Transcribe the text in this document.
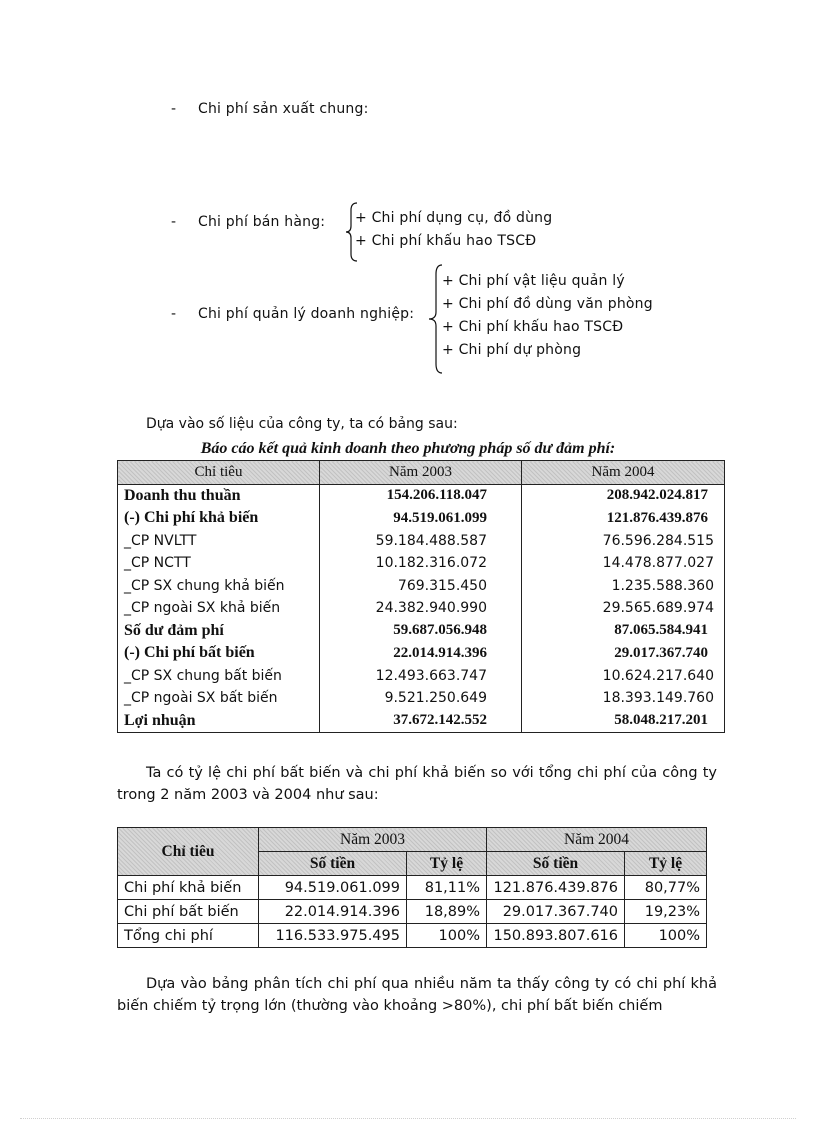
- Chi phí sản xuất chung:
- Chi phí bán hàng: + Chi phí dụng cụ, đồ dùng
+ Chi phí khấu hao TSCĐ
- Chi phí quản lý doanh nghiệp:
+ Chi phí vật liệu quản lý
+ Chi phí đồ dùng văn phòng
+ Chi phí khấu hao TSCĐ
+ Chi phí dự phòng
Dựa vào số liệu của công ty, ta có bảng sau:
Báo cáo kết quả kinh doanh theo phương pháp số dư đảm phí:
Chỉ tiêu	Năm 2003	Năm 2004
Doanh thu thuần	154.206.118.047	208.942.024.817
(-) Chi phí khả biến	94.519.061.099	121.876.439.876
_CP NVLTT	59.184.488.587	76.596.284.515
_CP NCTT	10.182.316.072	14.478.877.027
_CP SX chung khả biến	769.315.450	1.235.588.360
_CP ngoài SX khả biến	24.382.940.990	29.565.689.974
Số dư đảm phí	59.687.056.948	87.065.584.941
(-) Chi phí bất biến	22.014.914.396	29.017.367.740
_CP SX chung bất biến	12.493.663.747	10.624.217.640
_CP ngoài SX bất biến	9.521.250.649	18.393.149.760
Lợi nhuận	37.672.142.552	58.048.217.201
Ta có tỷ lệ chi phí bất biến và chi phí khả biến so với tổng chi phí của công ty trong 2 năm 2003 và 2004 như sau:
Chỉ tiêu	Năm 2003		Năm 2004	
	Số tiền	Tỷ lệ	Số tiền	Tỷ lệ
Chi phí khả biến	94.519.061.099	81,11%	121.876.439.876	80,77%
Chi phí bất biến	22.014.914.396	18,89%	29.017.367.740	19,23%
Tổng chi phí	116.533.975.495	100%	150.893.807.616	100%
Dựa vào bảng phân tích chi phí qua nhiều năm ta thấy công ty có chi phí khả biến chiếm tỷ trọng lớn (thường vào khoảng >80%), chi phí bất biến chiếm
